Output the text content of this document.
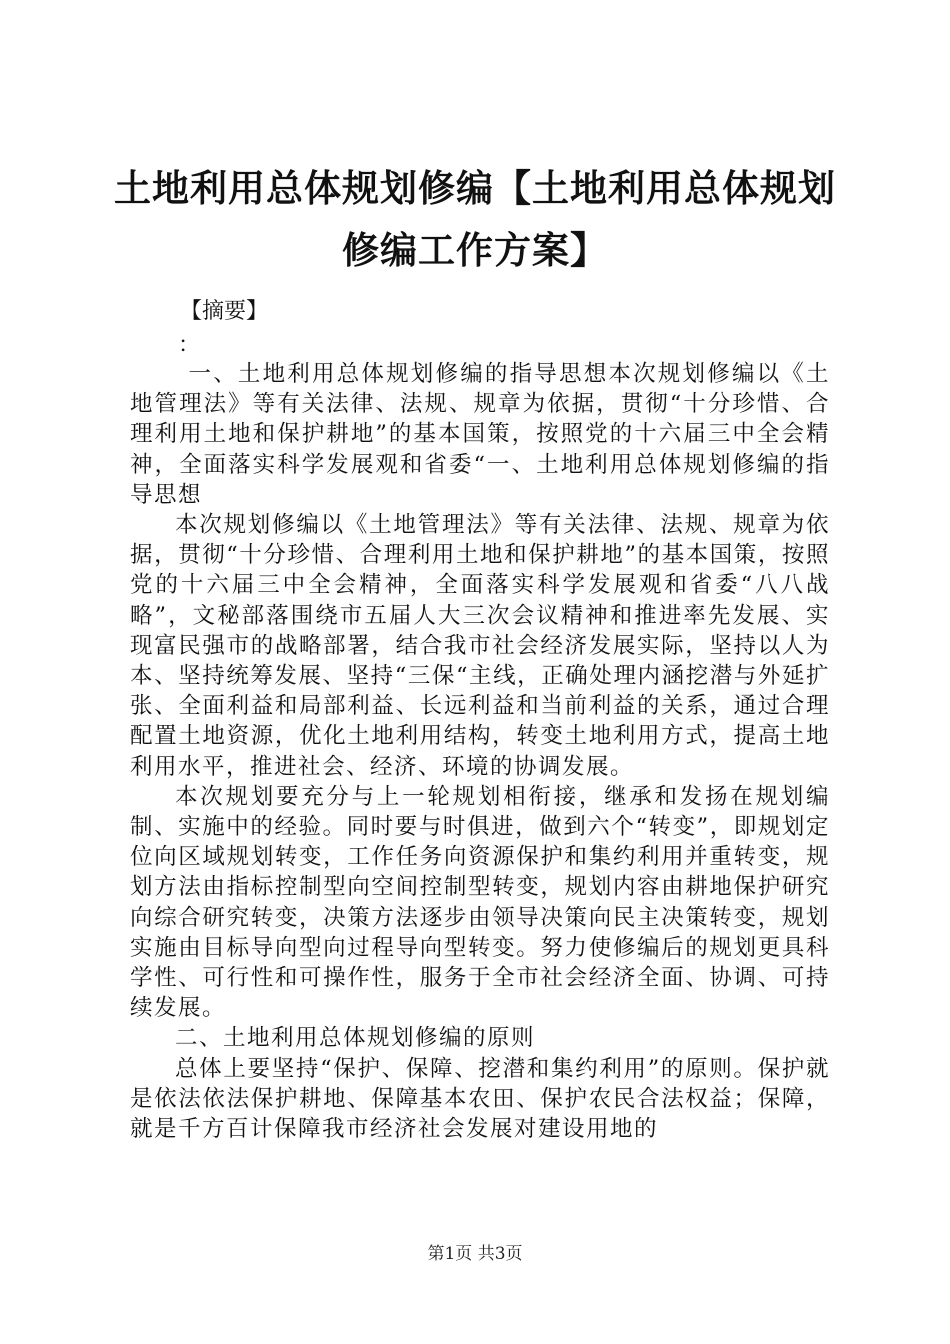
土地利用总体规划修编【土地利用总体规划修编工作方案】
【摘要】
：

一、土地利用总体规划修编的指导思想本次规划修编以《土地管理法》等有关法律、法规、规章为依据，贯彻“十分珍惜、合理利用土地和保护耕地”的基本国策，按照党的十六届三中全会精神，全面落实科学发展观和省委“一、土地利用总体规划修编的指导思想

本次规划修编以《土地管理法》等有关法律、法规、规章为依据，贯彻“十分珍惜、合理利用土地和保护耕地”的基本国策，按照党的十六届三中全会精神，全面落实科学发展观和省委“八八战略”，文秘部落围绕市五届人大三次会议精神和推进率先发展、实现富民强市的战略部署，结合我市社会经济发展实际，坚持以人为本、坚持统筹发展、坚持“三保“主线，正确处理内涵挖潜与外延扩张、全面利益和局部利益、长远利益和当前利益的关系，通过合理配置土地资源，优化土地利用结构，转变土地利用方式，提高土地利用水平，推进社会、经济、环境的协调发展。

本次规划要充分与上一轮规划相衔接，继承和发扬在规划编制、实施中的经验。同时要与时俱进，做到六个“转变”，即规划定位向区域规划转变，工作任务向资源保护和集约利用并重转变，规划方法由指标控制型向空间控制型转变，规划内容由耕地保护研究向综合研究转变，决策方法逐步由领导决策向民主决策转变，规划实施由目标导向型向过程导向型转变。努力使修编后的规划更具科学性、可行性和可操作性，服务于全市社会经济全面、协调、可持续发展。

二、土地利用总体规划修编的原则

总体上要坚持“保护、保障、挖潜和集约利用”的原则。保护就是依法依法保护耕地、保障基本农田、保护农民合法权益；保障，就是千方百计保障我市经济社会发展对建设用地的

第1页 共3页
